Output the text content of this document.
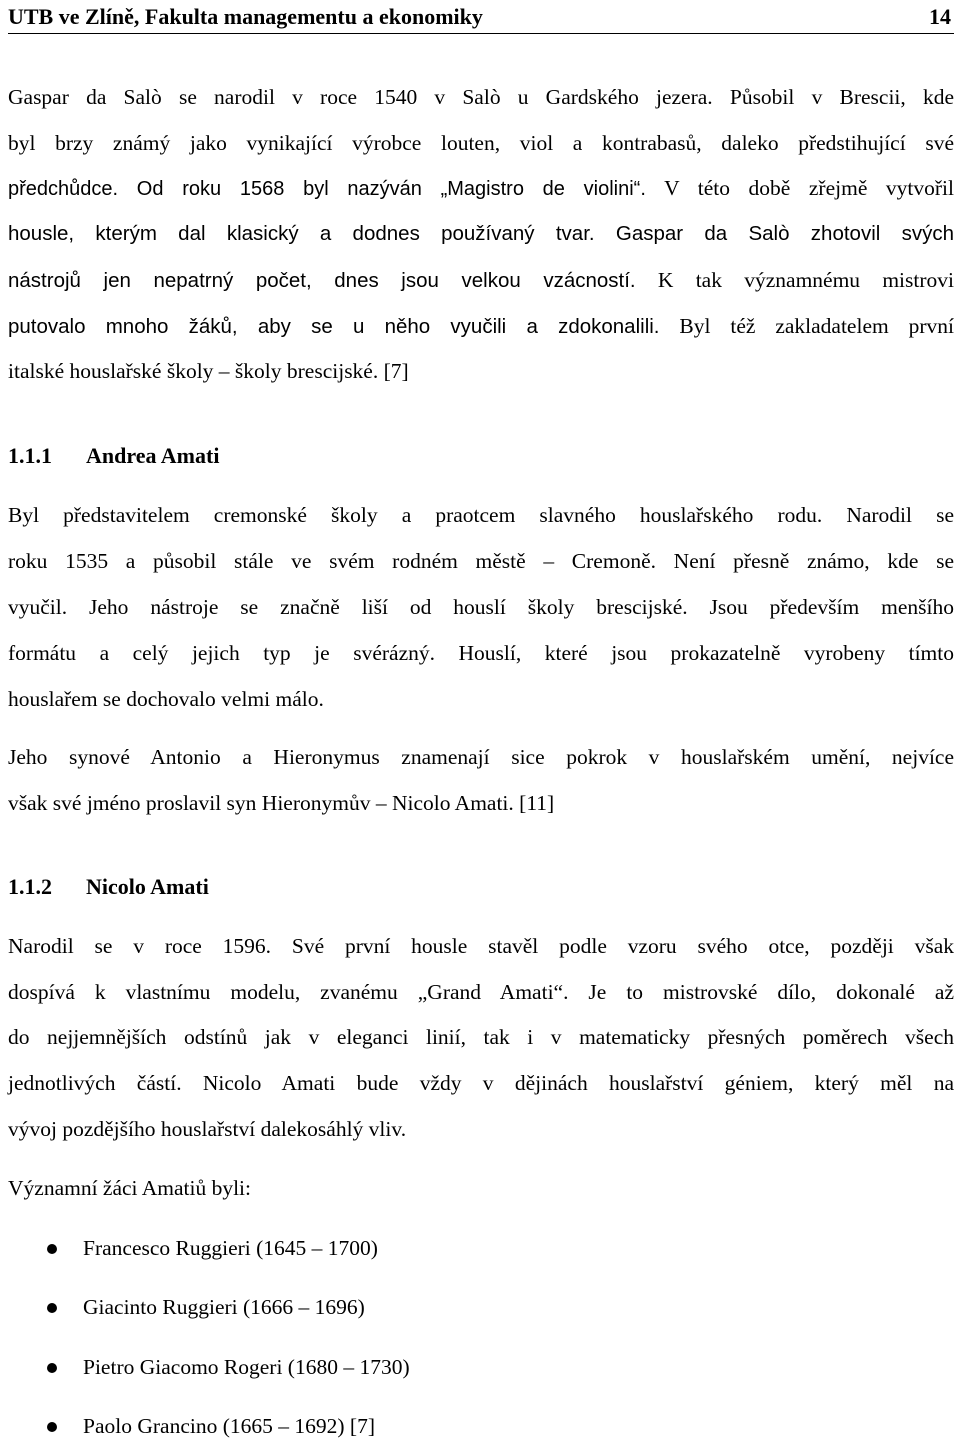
UTB ve Zlíně, Fakulta managementu a ekonomiky	14
Gaspar da Salò se narodil v roce 1540 v Salò u Gardského jezera. Působil v Brescii, kde
byl brzy známý jako vynikající výrobce louten, viol a kontrabasů, daleko předstihující své
předchůdce. Od roku 1568 byl nazýván „Magistro de violini“. V této době zřejmě vytvořil
housle, kterým dal klasický a dodnes používaný tvar. Gaspar da Salò zhotovil svých
nástrojů jen nepatrný počet, dnes jsou velkou vzácností. K tak významnému mistrovi
putovalo mnoho žáků, aby se u něho vyučili a zdokonalili. Byl též zakladatelem první
italské houslařské školy – školy brescijské. [7]
1.1.1 Andrea Amati
Byl představitelem cremonské školy a praotcem slavného houslařského rodu. Narodil se
roku 1535 a působil stále ve svém rodném městě – Cremoně. Není přesně známo, kde se
vyučil. Jeho nástroje se značně liší od houslí školy brescijské. Jsou především menšího
formátu a celý jejich typ je svérázný. Houslí, které jsou prokazatelně vyrobeny tímto
houslařem se dochovalo velmi málo.
Jeho synové Antonio a Hieronymus znamenají sice pokrok v houslařském umění, nejvíce
však své jméno proslavil syn Hieronymův – Nicolo Amati. [11]
1.1.2 Nicolo Amati
Narodil se v roce 1596. Své první housle stavěl podle vzoru svého otce, později však
dospívá k vlastnímu modelu, zvanému „Grand Amati“. Je to mistrovské dílo, dokonalé až
do nejjemnějších odstínů jak v eleganci linií, tak i v matematicky přesných poměrech všech
jednotlivých částí. Nicolo Amati bude vždy v dějinách houslařství géniem, který měl na
vývoj pozdějšího houslařství dalekosáhlý vliv.
Významní žáci Amatiů byli:
Francesco Ruggieri (1645 – 1700)
Giacinto Ruggieri (1666 – 1696)
Pietro Giacomo Rogeri (1680 – 1730)
Paolo Grancino (1665 – 1692) [7]
